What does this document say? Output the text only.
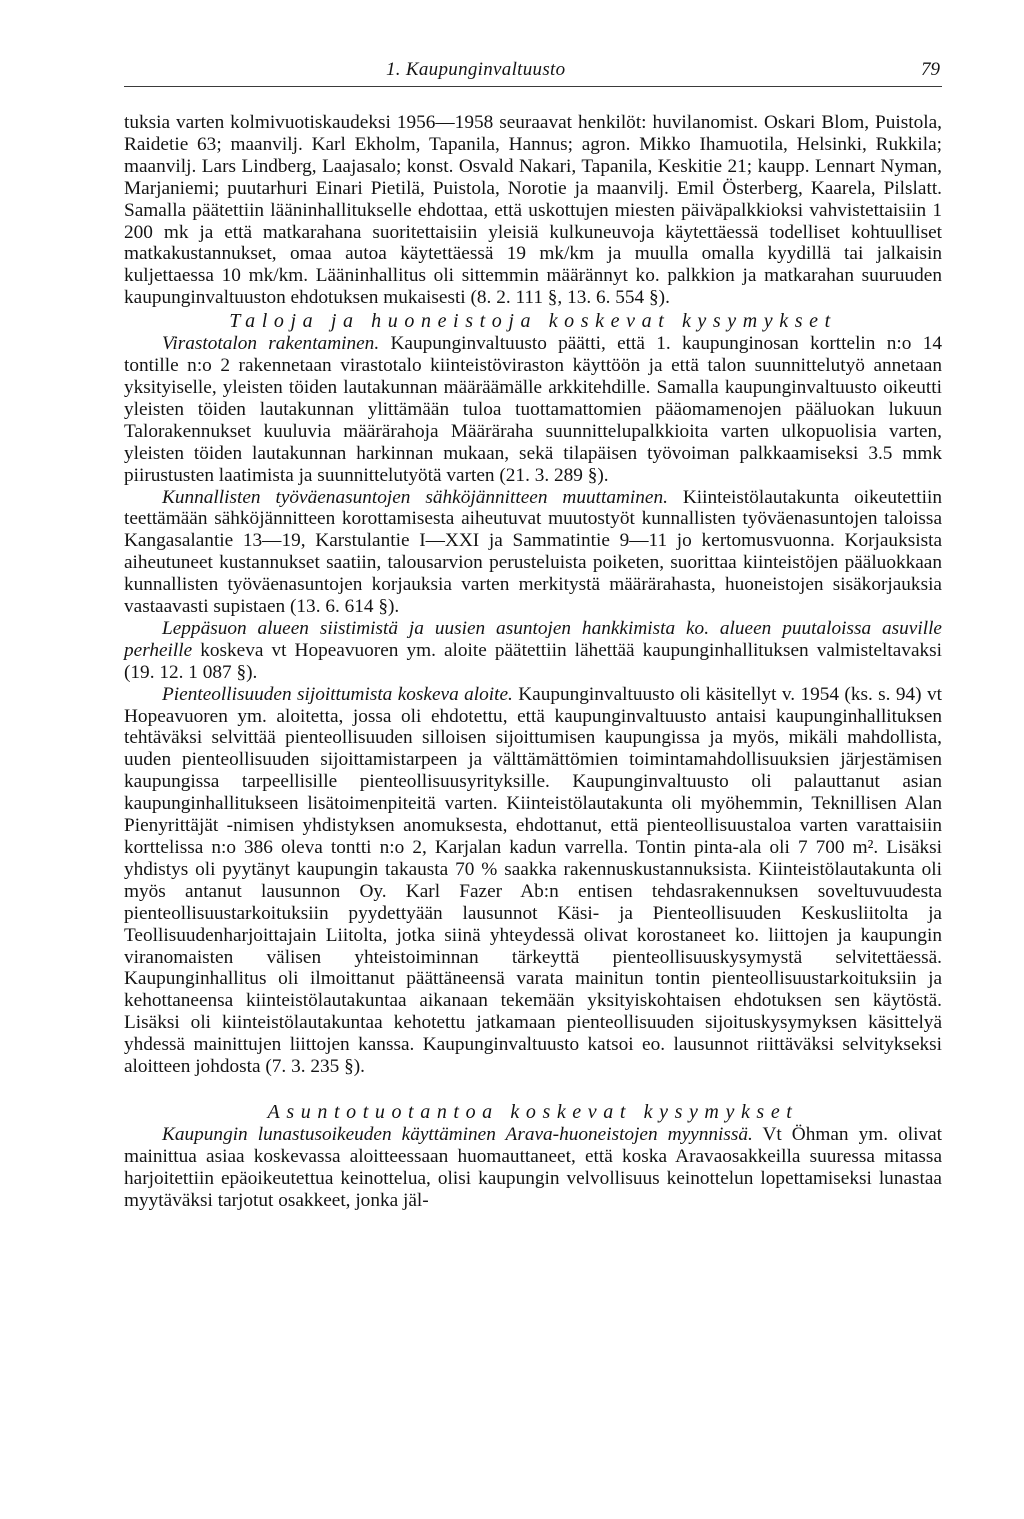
1. Kaupunginvaltuusto	79

tuksia varten kolmivuotiskaudeksi 1956—1958 seuraavat henkilöt: huvilanomist. Oskari Blom, Puistola, Raidetie 63; maanvilj. Karl Ekholm, Tapanila, Hannus; agron. Mikko Ihamuotila, Helsinki, Rukkila; maanvilj. Lars Lindberg, Laajasalo; konst. Osvald Nakari, Tapanila, Keskitie 21; kaupp. Lennart Nyman, Marjaniemi; puutarhuri Einari Pietilä, Puistola, Norotie ja maanvilj. Emil Österberg, Kaarela, Pilslatt. Samalla päätettiin lääninhallitukselle ehdottaa, että uskottujen miesten päiväpalkkioksi vahvistettaisiin 1 200 mk ja että matkarahana suoritettaisiin yleisiä kulkuneuvoja käytettäessä todelliset kohtuulliset matkakustannukset, omaa autoa käytettäessä 19 mk/km ja muulla omalla kyydillä tai jalkaisin kuljettaessa 10 mk/km. Lääninhallitus oli sittemmin määrännyt ko. palkkion ja matkarahan suuruuden kaupunginvaltuuston ehdotuksen mukaisesti (8. 2. 111 §, 13. 6. 554 §).

Taloja ja huoneistoja koskevat kysymykset

Virastotalon rakentaminen. Kaupunginvaltuusto päätti, että 1. kaupunginosan korttelin n:o 14 tontille n:o 2 rakennetaan virastotalo kiinteistöviraston käyttöön ja että talon suunnittelutyö annetaan yksityiselle, yleisten töiden lautakunnan määräämälle arkkitehdille. Samalla kaupunginvaltuusto oikeutti yleisten töiden lautakunnan ylittämään tuloa tuottamattomien pääomamenojen pääluokan lukuun Talorakennukset kuuluvia määrärahoja Määräraha suunnittelupalkkioita varten ulkopuolisia varten, yleisten töiden lautakunnan harkinnan mukaan, sekä tilapäisen työvoiman palkkaamiseksi 3.5 mmk piirustusten laatimista ja suunnittelutyötä varten (21. 3. 289 §).

Kunnallisten työväenasuntojen sähköjännitteen muuttaminen. Kiinteistölautakunta oikeutettiin teettämään sähköjännitteen korottamisesta aiheutuvat muutostyöt kunnallisten työväenasuntojen taloissa Kangasalantie 13—19, Karstulantie I—XXI ja Sammatintie 9—11 jo kertomusvuonna. Korjauksista aiheutuneet kustannukset saatiin, talousarvion perusteluista poiketen, suorittaa kiinteistöjen pääluokkaan kunnallisten työväenasuntojen korjauksia varten merkitystä määrärahasta, huoneistojen sisäkorjauksia vastaavasti supistaen (13. 6. 614 §).

Leppäsuon alueen siistimistä ja uusien asuntojen hankkimista ko. alueen puutaloissa asuville perheille koskeva vt Hopeavuoren ym. aloite päätettiin lähettää kaupunginhallituksen valmisteltavaksi (19. 12. 1 087 §).

Pienteollisuuden sijoittumista koskeva aloite. Kaupunginvaltuusto oli käsitellyt v. 1954 (ks. s. 94) vt Hopeavuoren ym. aloitetta, jossa oli ehdotettu, että kaupunginvaltuusto antaisi kaupunginhallituksen tehtäväksi selvittää pienteollisuuden silloisen sijoittumisen kaupungissa ja myös, mikäli mahdollista, uuden pienteollisuuden sijoittamistarpeen ja välttämättömien toimintamahdollisuuksien järjestämisen kaupungissa tarpeellisille pienteollisuusyrityksille. Kaupunginvaltuusto oli palauttanut asian kaupunginhallitukseen lisätoimenpiteitä varten. Kiinteistölautakunta oli myöhemmin, Teknillisen Alan Pienyrittäjät -nimisen yhdistyksen anomuksesta, ehdottanut, että pienteollisuustaloa varten varattaisiin korttelissa n:o 386 oleva tontti n:o 2, Karjalan kadun varrella. Tontin pinta-ala oli 7 700 m². Lisäksi yhdistys oli pyytänyt kaupungin takausta 70 % saakka rakennuskustannuksista. Kiinteistölautakunta oli myös antanut lausunnon Oy. Karl Fazer Ab:n entisen tehdasrakennuksen soveltuvuudesta pienteollisuustarkoituksiin pyydettyään lausunnot Käsi- ja Pienteollisuuden Keskusliitolta ja Teollisuudenharjoittajain Liitolta, jotka siinä yhteydessä olivat korostaneet ko. liittojen ja kaupungin viranomaisten välisen yhteistoiminnan tärkeyttä pienteollisuuskysymystä selvitettäessä. Kaupunginhallitus oli ilmoittanut päättäneensä varata mainitun tontin pienteollisuustarkoituksiin ja kehottaneensa kiinteistölautakuntaa aikanaan tekemään yksityiskohtaisen ehdotuksen sen käytöstä. Lisäksi oli kiinteistölautakuntaa kehotettu jatkamaan pienteollisuuden sijoituskysymyksen käsittelyä yhdessä mainittujen liittojen kanssa. Kaupunginvaltuusto katsoi eo. lausunnot riittäväksi selvitykseksi aloitteen johdosta (7. 3. 235 §).

Asuntotuotantoa koskevat kysymykset

Kaupungin lunastusoikeuden käyttäminen Arava-huoneistojen myynnissä. Vt Öhman ym. olivat mainittua asiaa koskevassa aloitteessaan huomauttaneet, että koska Aravaosakkeilla suuressa mitassa harjoitettiin epäoikeutettua keinottelua, olisi kaupungin velvollisuus keinottelun lopettamiseksi lunastaa myytäväksi tarjotut osakkeet, jonka jäl-
